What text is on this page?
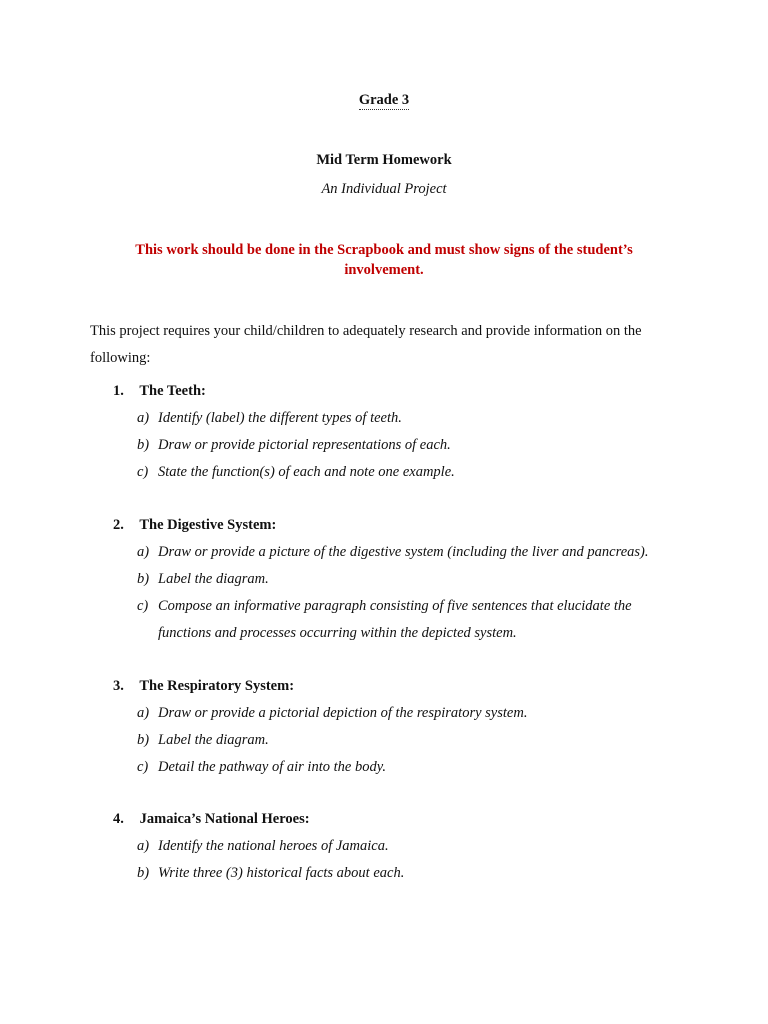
Grade 3
Mid Term Homework
An Individual Project
This work should be done in the Scrapbook and must show signs of the student’s
involvement.
This project requires your child/children to adequately research and provide information on the
following:
1. The Teeth:
a) Identify (label) the different types of teeth.
b) Draw or provide pictorial representations of each.
c) State the function(s) of each and note one example.
2. The Digestive System:
a) Draw or provide a picture of the digestive system (including the liver and pancreas).
b) Label the diagram.
c) Compose an informative paragraph consisting of five sentences that elucidate the
functions and processes occurring within the depicted system.
3. The Respiratory System:
a) Draw or provide a pictorial depiction of the respiratory system.
b) Label the diagram.
c) Detail the pathway of air into the body.
4. Jamaica’s National Heroes:
a) Identify the national heroes of Jamaica.
b) Write three (3) historical facts about each.
